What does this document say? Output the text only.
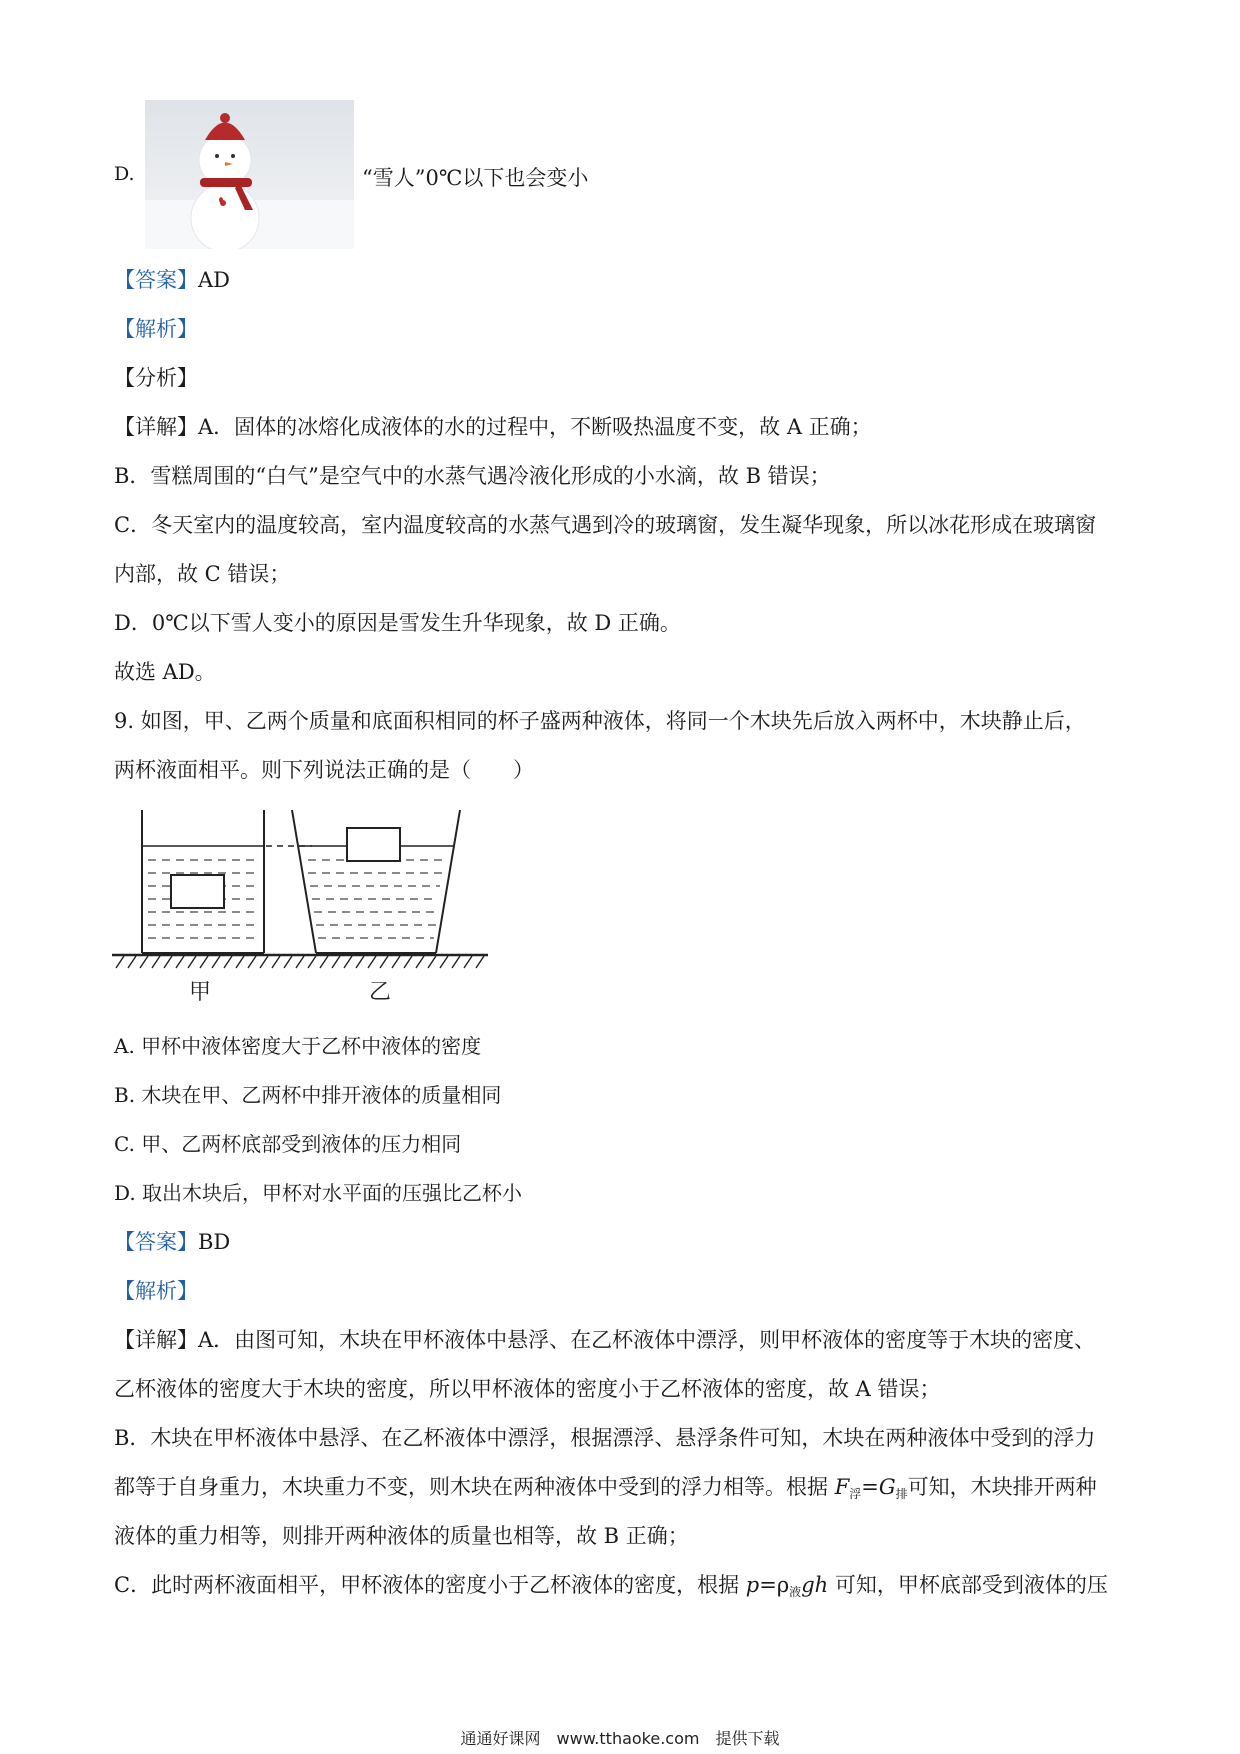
D.	“雪人”0℃以下也会变小
【答案】AD
【解析】
【分析】
【详解】A．固体的冰熔化成液体的水的过程中，不断吸热温度不变，故 A 正确；
B．雪糕周围的“白气”是空气中的水蒸气遇冷液化形成的小水滴，故 B 错误；
C．冬天室内的温度较高，室内温度较高的水蒸气遇到冷的玻璃窗，发生凝华现象，所以冰花形成在玻璃窗
内部，故 C 错误；
D．0℃以下雪人变小的原因是雪发生升华现象，故 D 正确。
故选 AD。
9. 如图，甲、乙两个质量和底面积相同的杯子盛两种液体，将同一个木块先后放入两杯中，木块静止后，
两杯液面相平。则下列说法正确的是（　　）
甲	乙
A. 甲杯中液体密度大于乙杯中液体的密度
B. 木块在甲、乙两杯中排开液体的质量相同
C. 甲、乙两杯底部受到液体的压力相同
D. 取出木块后，甲杯对水平面的压强比乙杯小
【答案】BD
【解析】
【详解】A．由图可知，木块在甲杯液体中悬浮、在乙杯液体中漂浮，则甲杯液体的密度等于木块的密度、
乙杯液体的密度大于木块的密度，所以甲杯液体的密度小于乙杯液体的密度，故 A 错误；
B．木块在甲杯液体中悬浮、在乙杯液体中漂浮，根据漂浮、悬浮条件可知，木块在两种液体中受到的浮力
都等于自身重力，木块重力不变，则木块在两种液体中受到的浮力相等。根据 $F_浮=G_排$可知，木块排开两种
液体的重力相等，则排开两种液体的质量也相等，故 B 正确；
C．此时两杯液面相平，甲杯液体的密度小于乙杯液体的密度，根据 $p=\rho_液gh$ 可知，甲杯底部受到液体的压
通通好课网　www.tthaoke.com　提供下载
